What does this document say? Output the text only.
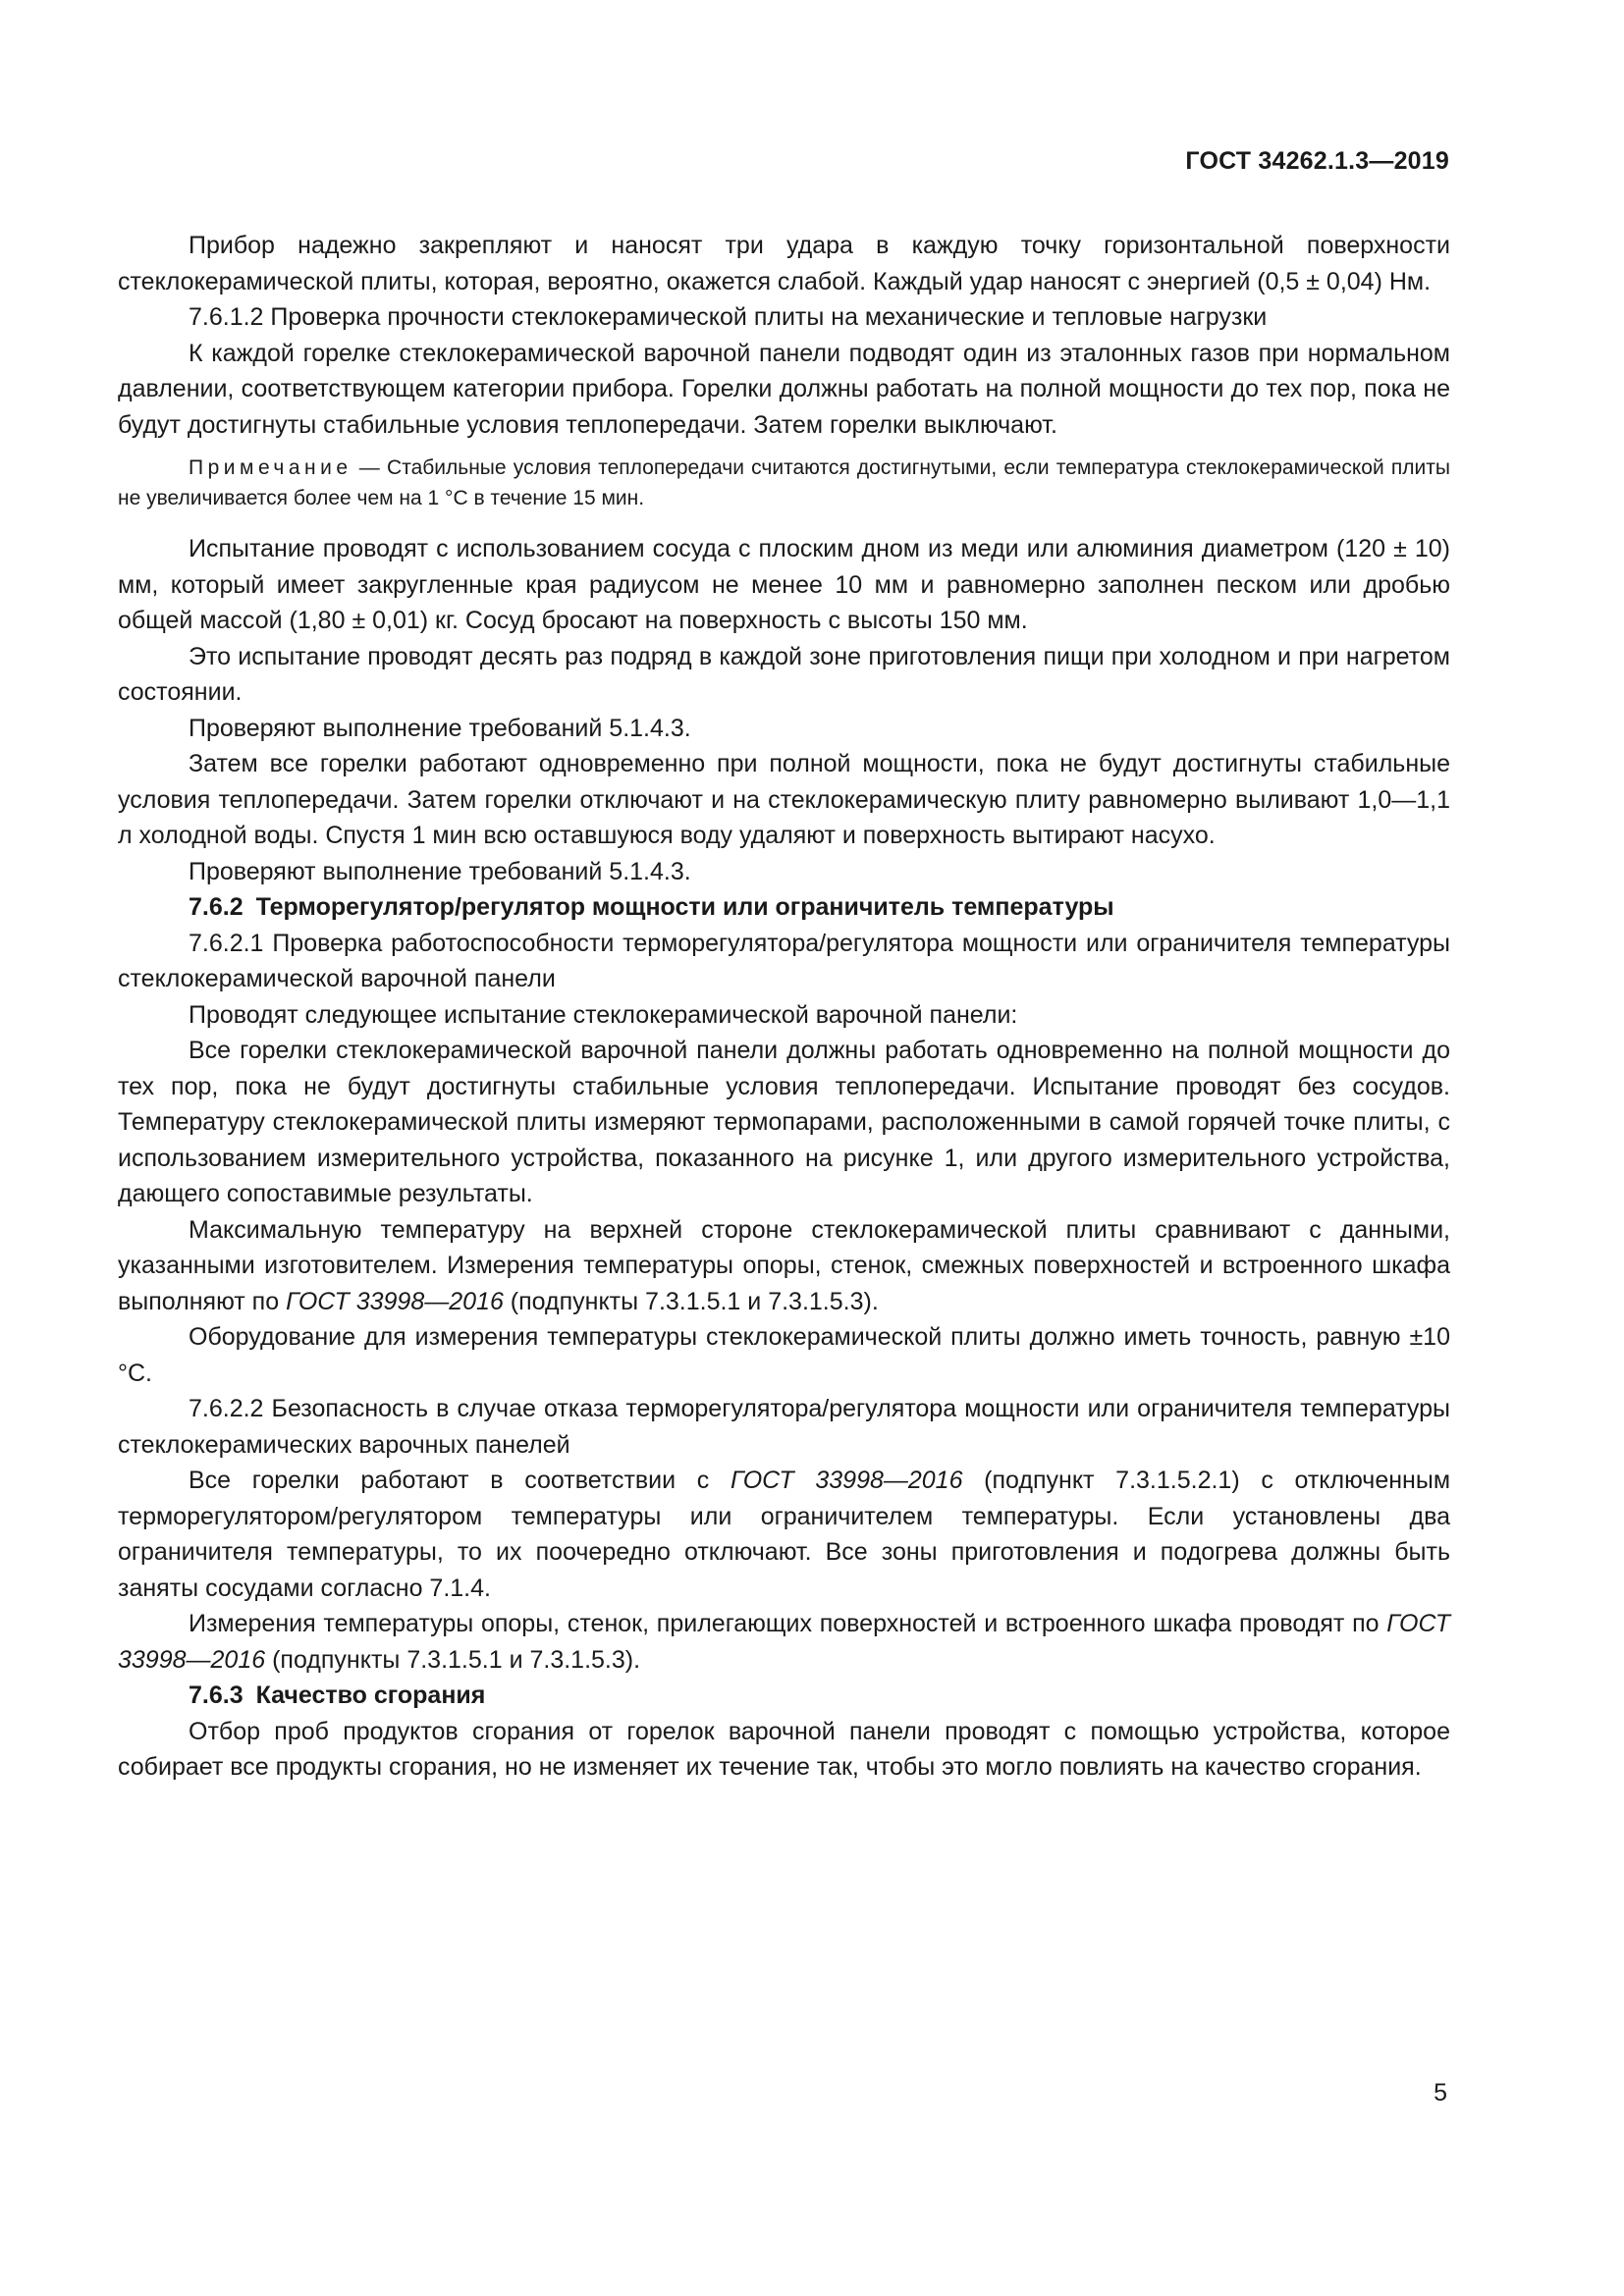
ГОСТ 34262.1.3—2019

Прибор надежно закрепляют и наносят три удара в каждую точку горизонтальной поверхности стеклокерамической плиты, которая, вероятно, окажется слабой. Каждый удар наносят с энергией (0,5 ± 0,04) Нм.

7.6.1.2 Проверка прочности стеклокерамической плиты на механические и тепловые нагрузки

К каждой горелке стеклокерамической варочной панели подводят один из эталонных газов при нормальном давлении, соответствующем категории прибора. Горелки должны работать на полной мощности до тех пор, пока не будут достигнуты стабильные условия теплопередачи. Затем горелки выключают.

Примечание — Стабильные условия теплопередачи считаются достигнутыми, если температура стеклокерамической плиты не увеличивается более чем на 1 °С в течение 15 мин.

Испытание проводят с использованием сосуда с плоским дном из меди или алюминия диаметром (120 ± 10) мм, который имеет закругленные края радиусом не менее 10 мм и равномерно заполнен песком или дробью общей массой (1,80 ± 0,01) кг. Сосуд бросают на поверхность с высоты 150 мм.

Это испытание проводят десять раз подряд в каждой зоне приготовления пищи при холодном и при нагретом состоянии.

Проверяют выполнение требований 5.1.4.3.

Затем все горелки работают одновременно при полной мощности, пока не будут достигнуты стабильные условия теплопередачи. Затем горелки отключают и на стеклокерамическую плиту равномерно выливают 1,0—1,1 л холодной воды. Спустя 1 мин всю оставшуюся воду удаляют и поверхность вытирают насухо.

Проверяют выполнение требований 5.1.4.3.

7.6.2 Терморегулятор/регулятор мощности или ограничитель температуры

7.6.2.1 Проверка работоспособности терморегулятора/регулятора мощности или ограничителя температуры стеклокерамической варочной панели

Проводят следующее испытание стеклокерамической варочной панели:

Все горелки стеклокерамической варочной панели должны работать одновременно на полной мощности до тех пор, пока не будут достигнуты стабильные условия теплопередачи. Испытание проводят без сосудов. Температуру стеклокерамической плиты измеряют термопарами, расположенными в самой горячей точке плиты, с использованием измерительного устройства, показанного на рисунке 1, или другого измерительного устройства, дающего сопоставимые результаты.

Максимальную температуру на верхней стороне стеклокерамической плиты сравнивают с данными, указанными изготовителем. Измерения температуры опоры, стенок, смежных поверхностей и встроенного шкафа выполняют по ГОСТ 33998—2016 (подпункты 7.3.1.5.1 и 7.3.1.5.3).

Оборудование для измерения температуры стеклокерамической плиты должно иметь точность, равную ±10 °С.

7.6.2.2 Безопасность в случае отказа терморегулятора/регулятора мощности или ограничителя температуры стеклокерамических варочных панелей

Все горелки работают в соответствии с ГОСТ 33998—2016 (подпункт 7.3.1.5.2.1) с отключенным терморегулятором/регулятором температуры или ограничителем температуры. Если установлены два ограничителя температуры, то их поочередно отключают. Все зоны приготовления и подогрева должны быть заняты сосудами согласно 7.1.4.

Измерения температуры опоры, стенок, прилегающих поверхностей и встроенного шкафа проводят по ГОСТ 33998—2016 (подпункты 7.3.1.5.1 и 7.3.1.5.3).

7.6.3 Качество сгорания

Отбор проб продуктов сгорания от горелок варочной панели проводят с помощью устройства, которое собирает все продукты сгорания, но не изменяет их течение так, чтобы это могло повлиять на качество сгорания.

5
